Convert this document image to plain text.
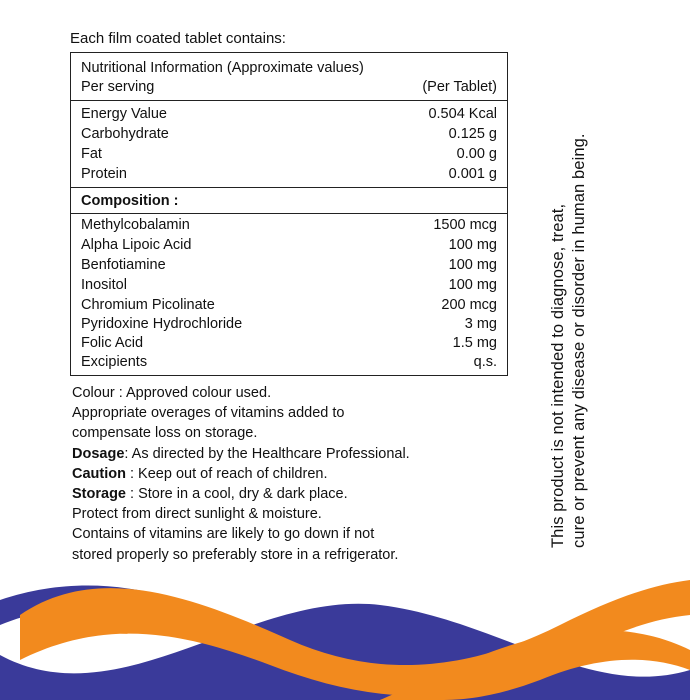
Each film coated tablet contains:
Nutritional Information (Approximate values)
Per serving	(Per Tablet)
Energy Value	0.504 Kcal
Carbohydrate	0.125 g
Fat	0.00 g
Protein	0.001 g
Composition :
Methylcobalamin	1500 mcg
Alpha Lipoic Acid	100 mg
Benfotiamine	100 mg
Inositol	100 mg
Chromium Picolinate	200 mcg
Pyridoxine Hydrochloride	3 mg
Folic Acid	1.5 mg
Excipients	q.s.
Colour : Approved colour used.
Appropriate overages of vitamins added to
compensate loss on storage.
Dosage: As directed by the Healthcare Professional.
Caution : Keep out of reach of children.
Storage : Store in a cool, dry & dark place.
Protect from direct sunlight & moisture.
Contains of vitamins are likely to go down if not
stored properly so preferably store in a refrigerator.
This product is not intended to diagnose, treat, cure or prevent any disease or disorder in human being.
